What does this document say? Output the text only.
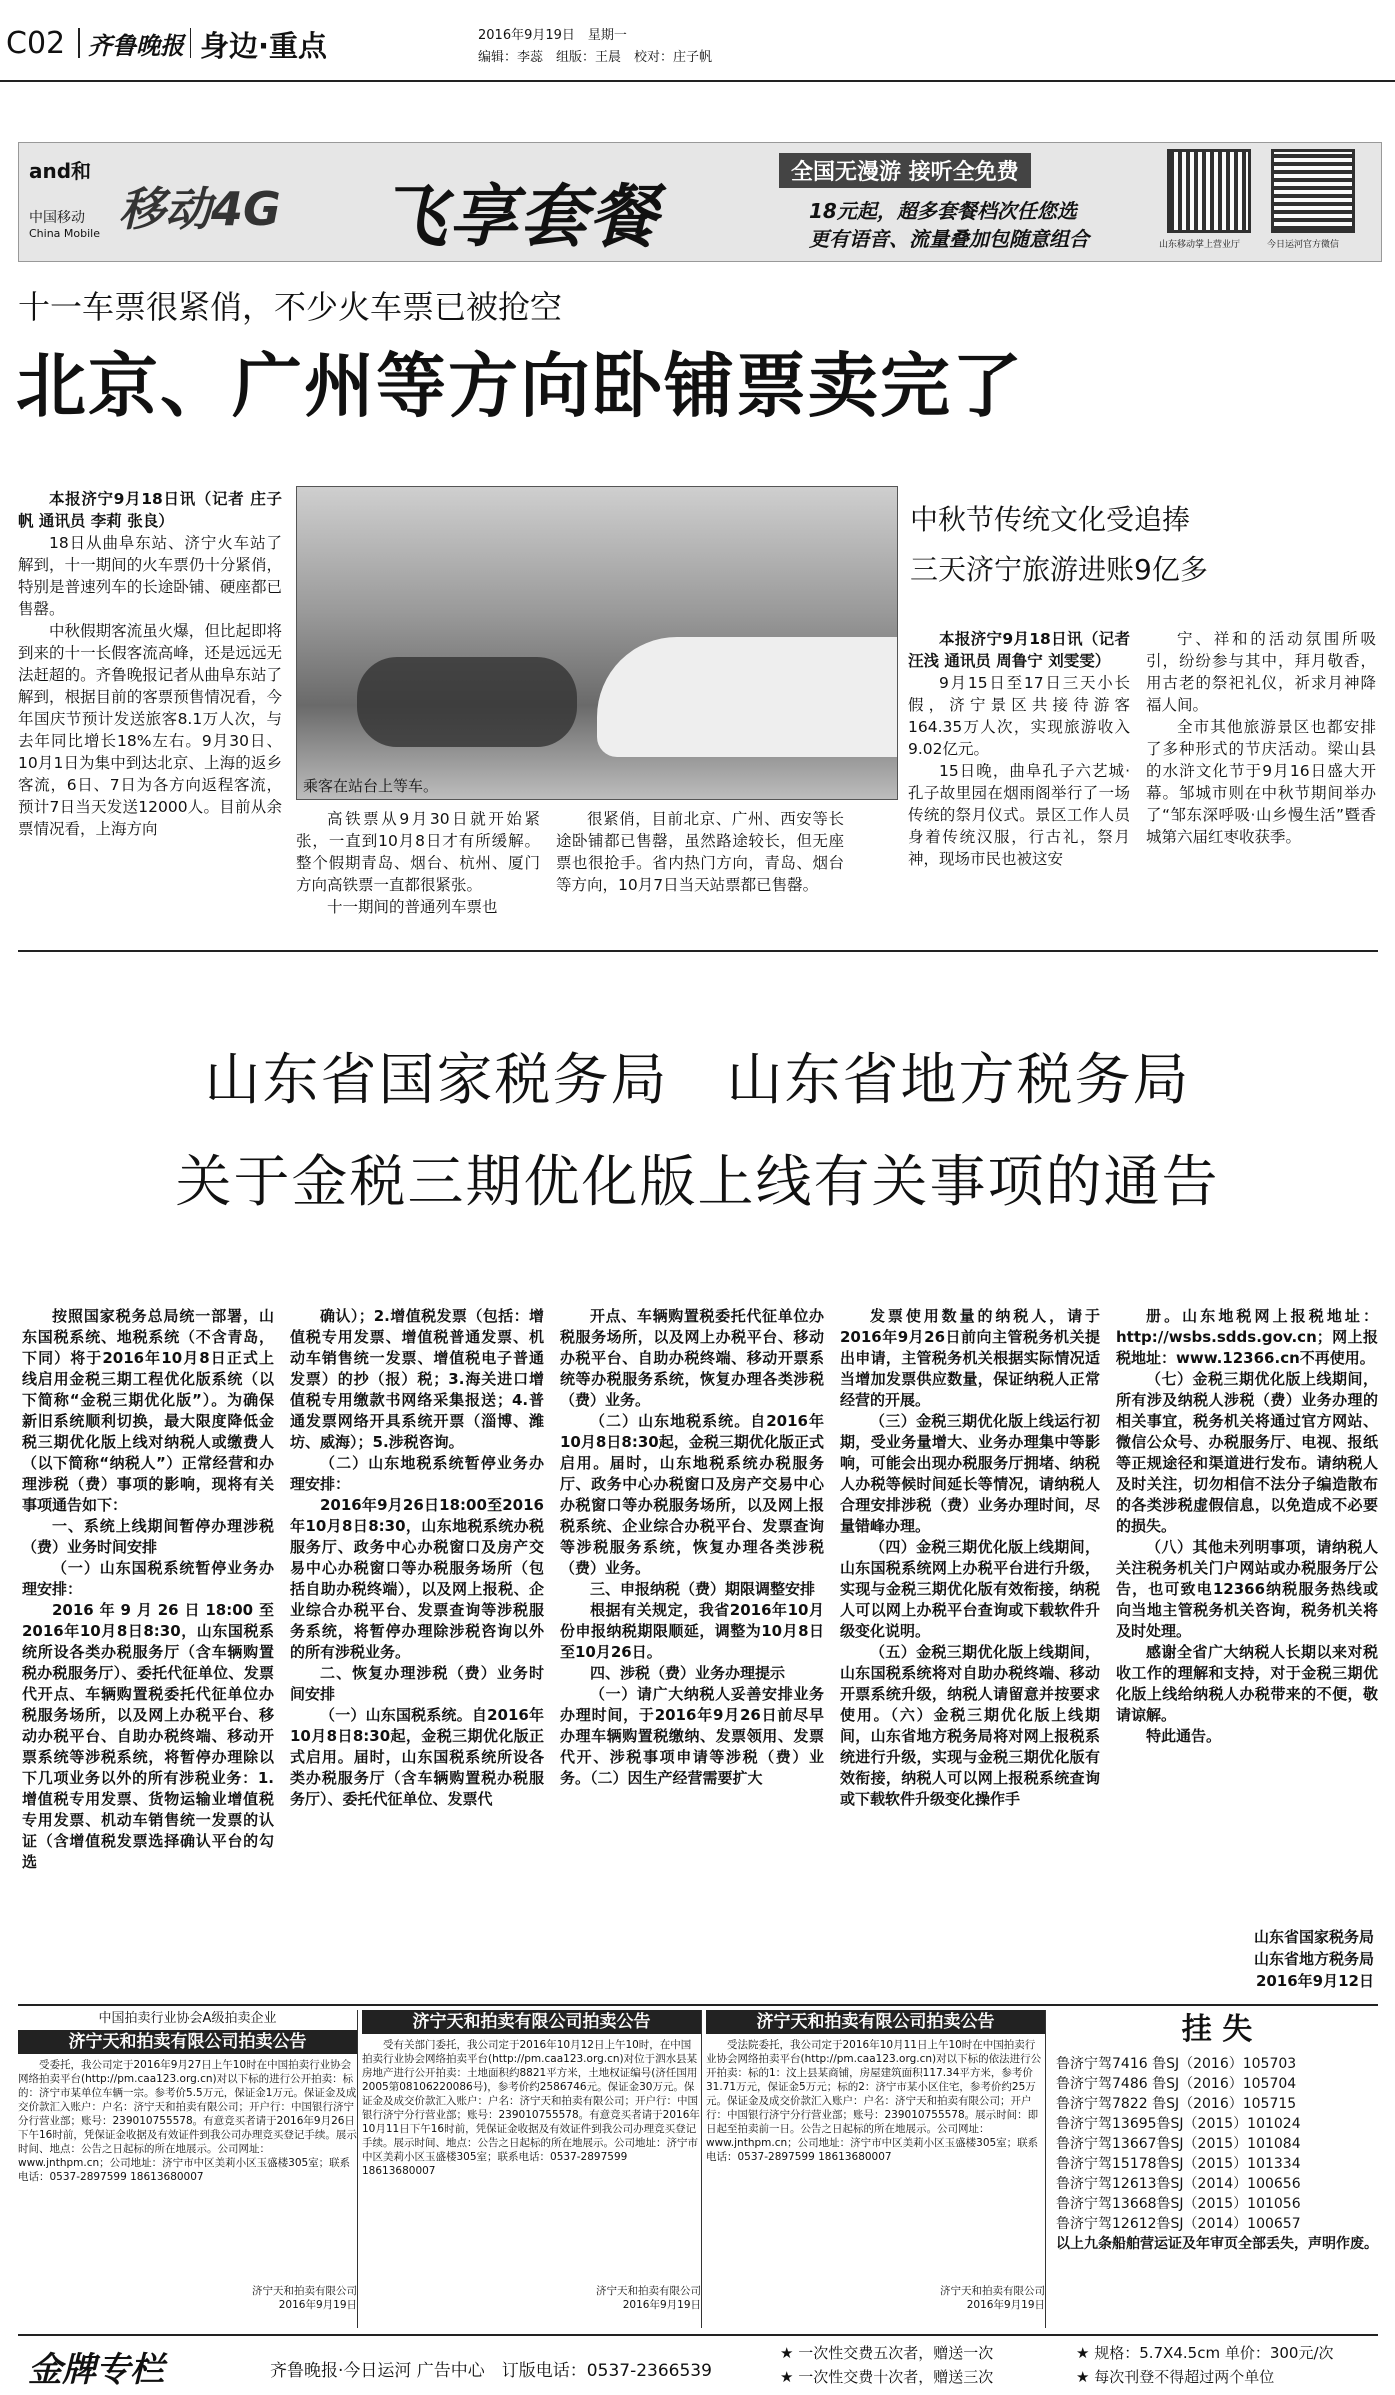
C02 齐鲁晚报 身边·重点	2016年9月19日　星期一
编辑：李蕊　组版：王晨　校对：庄子帆
and和
中国移动
China Mobile 移动4G 飞享套餐
全国无漫游 接听全免费
18元起，超多套餐档次任您选
更有语音、流量叠加包随意组合	山东移动掌上营业厅	今日运河官方微信
十一车票很紧俏，不少火车票已被抢空
北京、广州等方向卧铺票卖完了
乘客在站台上等车。

本报济宁9月18日讯（记者 庄子帆 通讯员 李莉 张良）

18日从曲阜东站、济宁火车站了解到，十一期间的火车票仍十分紧俏，特别是普速列车的长途卧铺、硬座都已售罄。

中秋假期客流虽火爆，但比起即将到来的十一长假客流高峰，还是远远无法赶超的。齐鲁晚报记者从曲阜东站了解到，根据目前的客票预售情况看，今年国庆节预计发送旅客8.1万人次，与去年同比增长18%左右。9月30日、10月1日为集中到达北京、上海的返乡客流，6日、7日为各方向返程客流，预计7日当天发送12000人。目前从余票情况看，上海方向

高铁票从9月30日就开始紧张，一直到10月8日才有所缓解。整个假期青岛、烟台、杭州、厦门方向高铁票一直都很紧张。

十一期间的普通列车票也

很紧俏，目前北京、广州、西安等长途卧铺都已售罄，虽然路途较长，但无座票也很抢手。省内热门方向，青岛、烟台等方向，10月7日当天站票都已售罄。

中秋节传统文化受追捧
三天济宁旅游进账9亿多

本报济宁9月18日讯（记者 汪浅 通讯员 周鲁宁 刘雯雯）

9月15日至17日三天小长假，济宁景区共接待游客164.35万人次，实现旅游收入9.02亿元。

15日晚，曲阜孔子六艺城·孔子故里园在烟雨阁举行了一场传统的祭月仪式。景区工作人员身着传统汉服，行古礼，祭月神，现场市民也被这安

宁、祥和的活动氛围所吸引，纷纷参与其中，拜月敬香，用古老的祭祀礼仪，祈求月神降福人间。

全市其他旅游景区也都安排了多种形式的节庆活动。梁山县的水浒文化节于9月16日盛大开幕。邹城市则在中秋节期间举办了“邹东深呼吸·山乡慢生活”暨香城第六届红枣收获季。

山东省国家税务局　山东省地方税务局
关于金税三期优化版上线有关事项的通告

按照国家税务总局统一部署，山东国税系统、地税系统（不含青岛，下同）将于2016年10月8日正式上线启用金税三期工程优化版系统（以下简称“金税三期优化版”）。为确保新旧系统顺利切换，最大限度降低金税三期优化版上线对纳税人或缴费人（以下简称“纳税人”）正常经营和办理涉税（费）事项的影响，现将有关事项通告如下：

一、系统上线期间暂停办理涉税（费）业务时间安排

（一）山东国税系统暂停业务办理安排：

2016年9月26日18:00至2016年10月8日8:30，山东国税系统所设各类办税服务厅（含车辆购置税办税服务厅）、委托代征单位、发票代开点、车辆购置税委托代征单位办税服务场所，以及网上办税平台、移动办税平台、自助办税终端、移动开票系统等涉税系统，将暂停办理除以下几项业务以外的所有涉税业务：1.增值税专用发票、货物运输业增值税专用发票、机动车销售统一发票的认证（含增值税发票选择确认平台的勾选

确认）；2.增值税发票（包括：增值税专用发票、增值税普通发票、机动车销售统一发票、增值税电子普通发票）的抄（报）税；3.海关进口增值税专用缴款书网络采集报送；4.普通发票网络开具系统开票（淄博、潍坊、威海）；5.涉税咨询。

（二）山东地税系统暂停业务办理安排：

2016年9月26日18:00至2016年10月8日8:30，山东地税系统办税服务厅、政务中心办税窗口及房产交易中心办税窗口等办税服务场所（包括自助办税终端），以及网上报税、企业综合办税平台、发票查询等涉税服务系统，将暂停办理除涉税咨询以外的所有涉税业务。

二、恢复办理涉税（费）业务时间安排

（一）山东国税系统。自2016年10月8日8:30起，金税三期优化版正式启用。届时，山东国税系统所设各类办税服务厅（含车辆购置税办税服务厅）、委托代征单位、发票代

开点、车辆购置税委托代征单位办税服务场所，以及网上办税平台、移动办税平台、自助办税终端、移动开票系统等办税服务系统，恢复办理各类涉税（费）业务。

（二）山东地税系统。自2016年10月8日8:30起，金税三期优化版正式启用。届时，山东地税系统办税服务厅、政务中心办税窗口及房产交易中心办税窗口等办税服务场所，以及网上报税系统、企业综合办税平台、发票查询等涉税服务系统，恢复办理各类涉税（费）业务。

三、申报纳税（费）期限调整安排

根据有关规定，我省2016年10月份申报纳税期限顺延，调整为10月8日至10月26日。

四、涉税（费）业务办理提示

（一）请广大纳税人妥善安排业务办理时间，于2016年9月26日前尽早办理车辆购置税缴纳、发票领用、发票代开、涉税事项申请等涉税（费）业务。（二）因生产经营需要扩大

发票使用数量的纳税人，请于2016年9月26日前向主管税务机关提出申请，主管税务机关根据实际情况适当增加发票供应数量，保证纳税人正常经营的开展。

（三）金税三期优化版上线运行初期，受业务量增大、业务办理集中等影响，可能会出现办税服务厅拥堵、纳税人办税等候时间延长等情况，请纳税人合理安排涉税（费）业务办理时间，尽量错峰办理。

（四）金税三期优化版上线期间，山东国税系统网上办税平台进行升级，实现与金税三期优化版有效衔接，纳税人可以网上办税平台查询或下载软件升级变化说明。

（五）金税三期优化版上线期间，山东国税系统将对自助办税终端、移动开票系统升级，纳税人请留意并按要求使用。（六）金税三期优化版上线期间，山东省地方税务局将对网上报税系统进行升级，实现与金税三期优化版有效衔接，纳税人可以网上报税系统查询或下载软件升级变化操作手

册。山东地税网上报税地址：http://wsbs.sdds.gov.cn；网上报税地址：www.12366.cn不再使用。

（七）金税三期优化版上线期间，所有涉及纳税人涉税（费）业务办理的相关事宜，税务机关将通过官方网站、微信公众号、办税服务厅、电视、报纸等正规途径和渠道进行发布。请纳税人及时关注，切勿相信不法分子编造散布的各类涉税虚假信息，以免造成不必要的损失。

（八）其他未列明事项，请纳税人关注税务机关门户网站或办税服务厅公告，也可致电12366纳税服务热线或向当地主管税务机关咨询，税务机关将及时处理。

感谢全省广大纳税人长期以来对税收工作的理解和支持，对于金税三期优化版上线给纳税人办税带来的不便，敬请谅解。

特此通告。

山东省国家税务局
山东省地方税务局
2016年9月12日
中国拍卖行业协会A级拍卖企业
济宁天和拍卖有限公司拍卖公告
受委托，我公司定于2016年9月27日上午10时在中国拍卖行业协会网络拍卖平台(http://pm.caa123.org.cn)对以下标的进行公开拍卖：标的：济宁市某单位车辆一宗。参考价5.5万元，保证金1万元。保证金及成交价款汇入账户：户名：济宁天和拍卖有限公司；开户行：中国银行济宁分行营业部；账号：239010755578。有意竞买者请于2016年9月26日下午16时前，凭保证金收据及有效证件到我公司办理竞买登记手续。展示时间、地点：公告之日起标的所在地展示。公司网址：www.jnthpm.cn；公司地址：济宁市中区美莉小区玉盛楼305室；联系电话：0537-2897599 18613680007
济宁天和拍卖有限公司
2016年9月19日
济宁天和拍卖有限公司拍卖公告
受有关部门委托，我公司定于2016年10月12日上午10时，在中国拍卖行业协会网络拍卖平台(http://pm.caa123.org.cn)对位于泗水县某房地产进行公开拍卖：土地面积约8821平方米，土地权证编号(济任国用2005第08106220086号)，参考价约2586746元。保证金30万元。保证金及成交价款汇入账户：户名：济宁天和拍卖有限公司；开户行：中国银行济宁分行营业部；账号：239010755578。有意竞买者请于2016年10月11日下午16时前，凭保证金收据及有效证件到我公司办理竞买登记手续。展示时间、地点：公告之日起标的所在地展示。公司地址：济宁市中区美莉小区玉盛楼305室；联系电话：0537-2897599 18613680007
济宁天和拍卖有限公司
2016年9月19日
济宁天和拍卖有限公司拍卖公告
受法院委托，我公司定于2016年10月11日上午10时在中国拍卖行业协会网络拍卖平台(http://pm.caa123.org.cn)对以下标的依法进行公开拍卖：标的1：汶上县某商铺，房屋建筑面积117.34平方米，参考价31.71万元，保证金5万元；标的2：济宁市某小区住宅，参考价约25万元。保证金及成交价款汇入账户：户名：济宁天和拍卖有限公司；开户行：中国银行济宁分行营业部；账号：239010755578。展示时间：即日起至拍卖前一日。公告之日起标的所在地展示。公司网址：www.jnthpm.cn；公司地址：济宁市中区美莉小区玉盛楼305室；联系电话：0537-2897599 18613680007
济宁天和拍卖有限公司
2016年9月19日
挂 失
鲁济宁驾7416 鲁SJ（2016）105703
鲁济宁驾7486 鲁SJ（2016）105704
鲁济宁驾7822 鲁SJ（2016）105715
鲁济宁驾13695鲁SJ（2015）101024
鲁济宁驾13667鲁SJ（2015）101084
鲁济宁驾15178鲁SJ（2015）101334
鲁济宁驾12613鲁SJ（2014）100656
鲁济宁驾13668鲁SJ（2015）101056
鲁济宁驾12612鲁SJ（2014）100657
以上九条船舶营运证及年审页全部丢失，声明作废。
金牌专栏	齐鲁晚报·今日运河 广告中心　订版电话：0537-2366539
★ 一次性交费五次者，赠送一次
★ 一次性交费十次者，赠送三次
★ 规格：5.7X4.5cm 单价：300元/次
★ 每次刊登不得超过两个单位
